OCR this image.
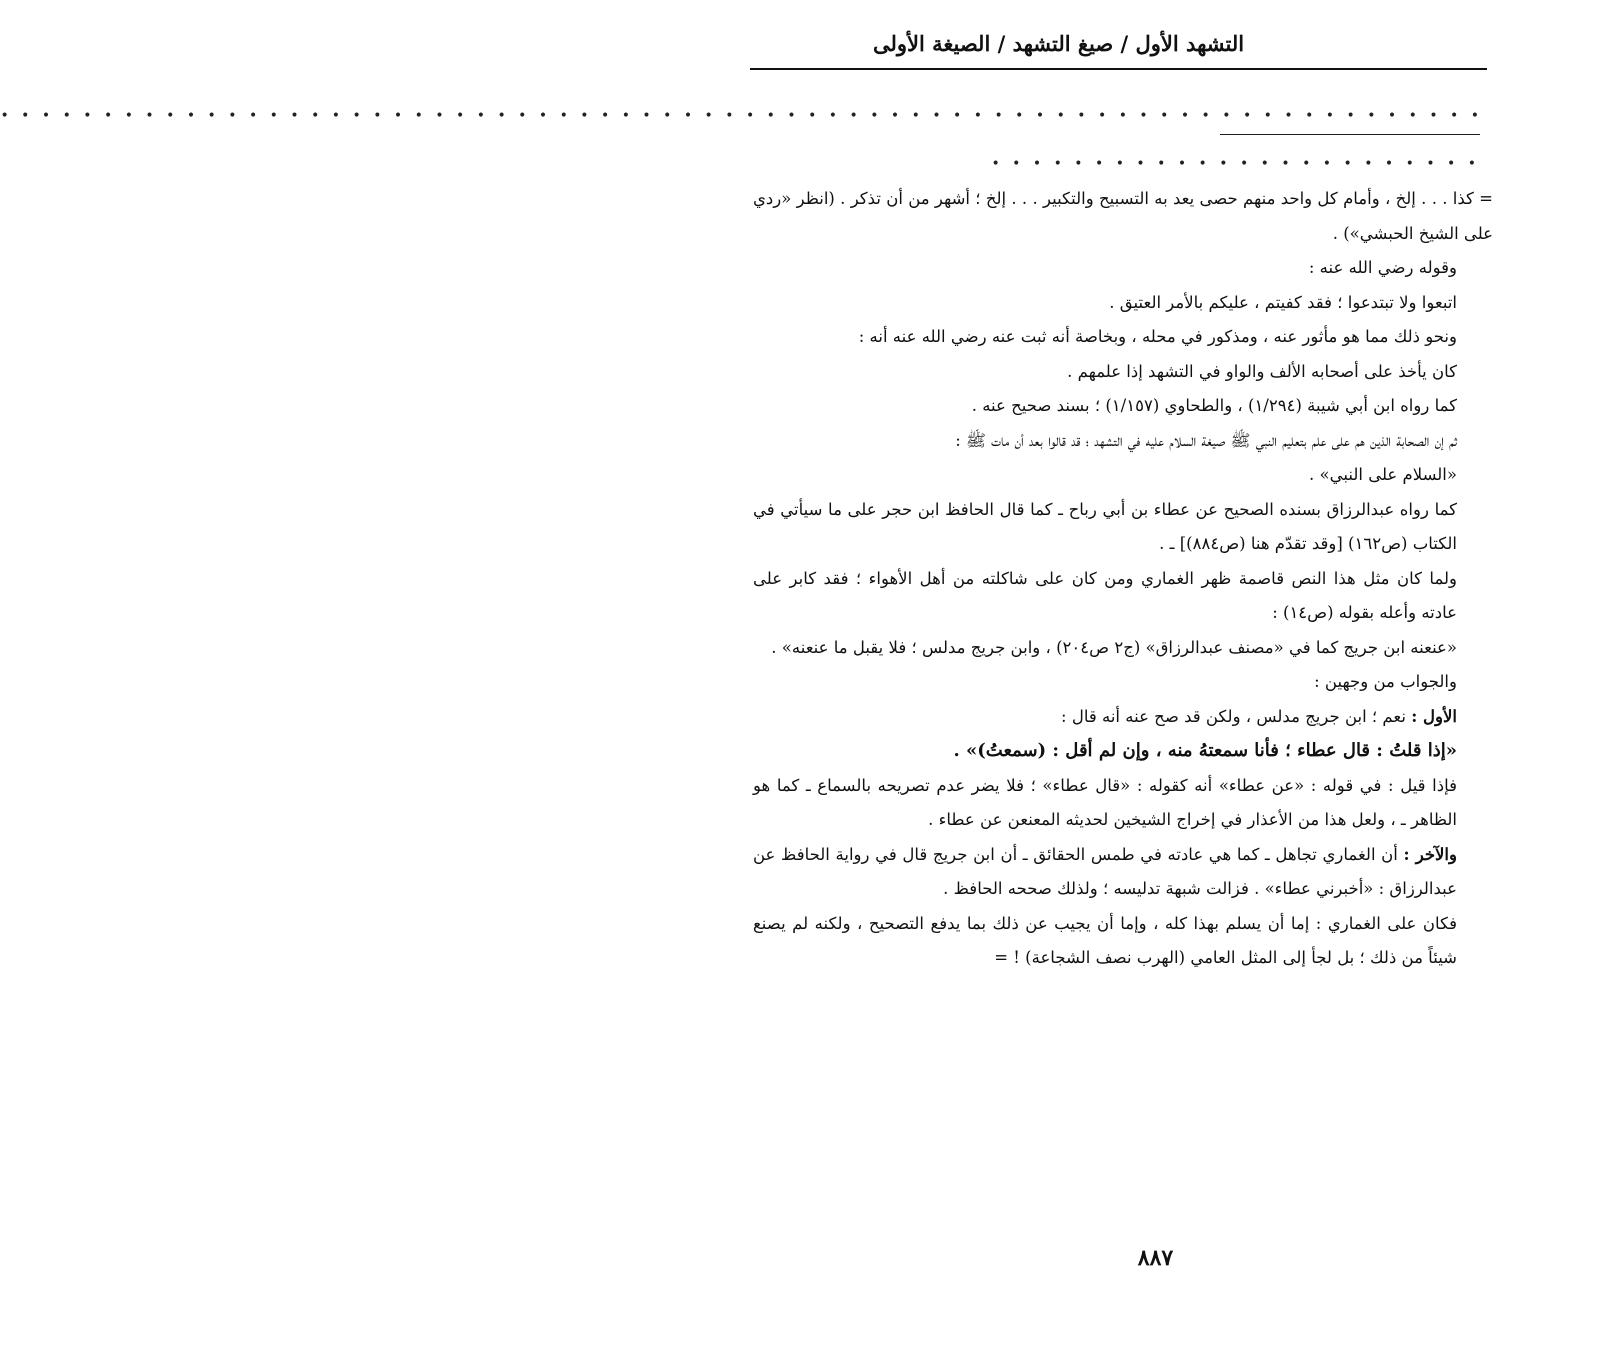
التشهد الأول / صيغ التشهد / الصيغة الأولى
• • • • • • • • • • • • • • • • • • • • • • • • • • • • • • • • • • • • • • • • • • • • • • • • • • • • • • • • • • • • • • • • • • • • • • • •
• • • • • • • • • • • • • • • • • • • • • • • •

= كذا . . . إلخ ، وأمام كل واحد منهم حصى يعد به التسبيح والتكبير . . . إلخ ؛ أشهر من أن تذكر . (انظر «ردي على الشيخ الحبشي») .

وقوله رضي الله عنه :

اتبعوا ولا تبتدعوا ؛ فقد كفيتم ، عليكم بالأمر العتيق .

ونحو ذلك مما هو مأثور عنه ، ومذكور في محله ، وبخاصة أنه ثبت عنه رضي الله عنه أنه :

كان يأخذ على أصحابه الألف والواو في التشهد إذا علمهم .

كما رواه ابن أبي شيبة (١/٢٩٤) ، والطحاوي (١/١٥٧) ؛ بسند صحيح عنه .

ثم إن الصحابة الذين هم على علم بتعليم النبي ﷺ صيغة السلام عليه في التشهد ؛ قد قالوا بعد أن مات ﷺ :

«السلام على النبي» .

كما رواه عبدالرزاق بسنده الصحيح عن عطاء بن أبي رباح ـ كما قال الحافظ ابن حجر على ما سيأتي في الكتاب (ص١٦٢) [وقد تقدّم هنا (ص٨٨٤)] ـ .

ولما كان مثل هذا النص قاصمة ظهر الغماري ومن كان على شاكلته من أهل الأهواء ؛ فقد كابر على عادته وأعله بقوله (ص١٤) :

«عنعنه ابن جريج كما في «مصنف عبدالرزاق» (ج٢ ص٢٠٤) ، وابن جريج مدلس ؛ فلا يقبل ما عنعنه» .

والجواب من وجهين :

الأول : نعم ؛ ابن جريج مدلس ، ولكن قد صح عنه أنه قال :

«إذا قلتُ : قال عطاء ؛ فأنا سمعتهُ منه ، وإن لم أقل : (سمعتُ)» .

فإذا قيل : في قوله : «عن عطاء» أنه كقوله : «قال عطاء» ؛ فلا يضر عدم تصريحه بالسماع ـ كما هو الظاهر ـ ، ولعل هذا من الأعذار في إخراج الشيخين لحديثه المعنعن عن عطاء .

والآخر : أن الغماري تجاهل ـ كما هي عادته في طمس الحقائق ـ أن ابن جريج قال في رواية الحافظ عن عبدالرزاق : «أخبرني عطاء» . فزالت شبهة تدليسه ؛ ولذلك صححه الحافظ .

فكان على الغماري : إما أن يسلم بهذا كله ، وإما أن يجيب عن ذلك بما يدفع التصحيح ، ولكنه لم يصنع شيئاً من ذلك ؛ بل لجأ إلى المثل العامي (الهرب نصف الشجاعة) ! =

٨٨٧
